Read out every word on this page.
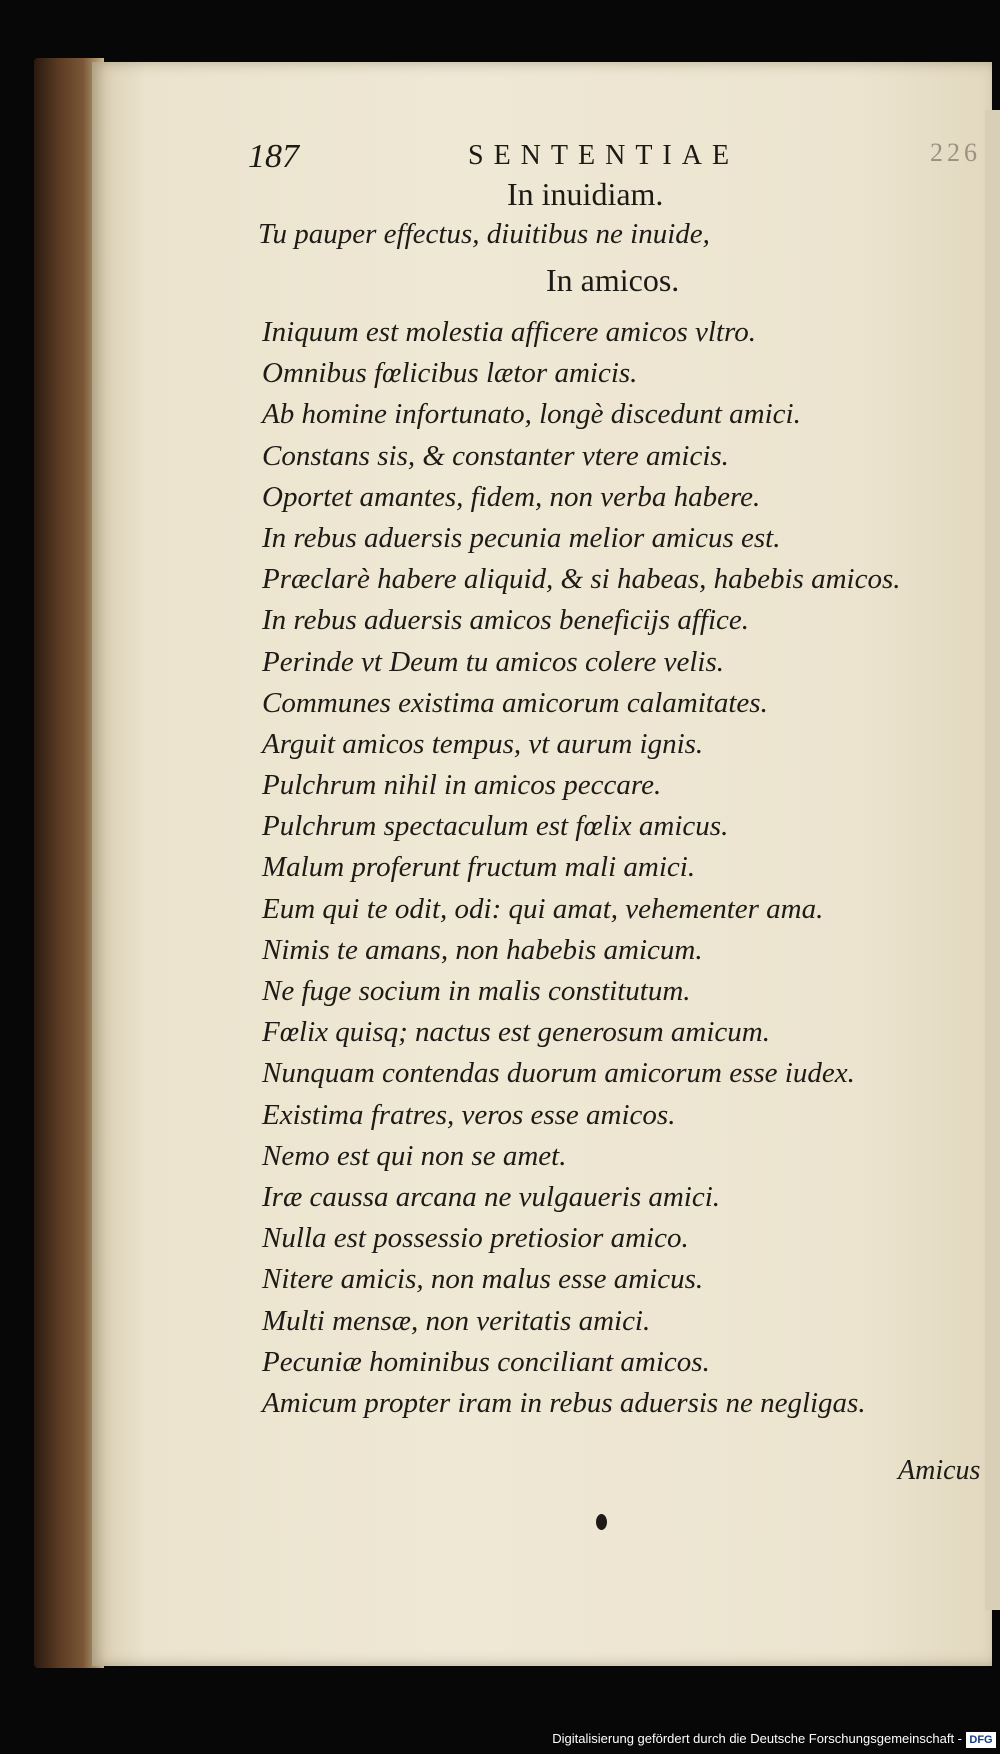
187	SENTENTIAE	226
In inuidiam.
Tu pauper effectus, diuitibus ne inuide,
In amicos.
Iniquum est molestia afficere amicos vltro.
Omnibus fœlicibus lætor amicis.
Ab homine infortunato, longè discedunt amici.
Constans sis, & constanter vtere amicis.
Oportet amantes, fidem, non verba habere.
In rebus aduersis pecunia melior amicus est.
Præclarè habere aliquid, & si habeas, habebis amicos.
In rebus aduersis amicos beneficijs affice.
Perinde vt Deum tu amicos colere velis.
Communes existima amicorum calamitates.
Arguit amicos tempus, vt aurum ignis.
Pulchrum nihil in amicos peccare.
Pulchrum spectaculum est fœlix amicus.
Malum proferunt fructum mali amici.
Eum qui te odit, odi: qui amat, vehementer ama.
Nimis te amans, non habebis amicum.
Ne fuge socium in malis constitutum.
Fœlix quisq; nactus est generosum amicum.
Nunquam contendas duorum amicorum esse iudex.
Existima fratres, veros esse amicos.
Nemo est qui non se amet.
Iræ caussa arcana ne vulgaueris amici.
Nulla est possessio pretiosior amico.
Nitere amicis, non malus esse amicus.
Multi mensæ, non veritatis amici.
Pecuniæ hominibus conciliant amicos.
Amicum propter iram in rebus aduersis ne negligas.
Amicus
Digitalisierung gefördert durch die Deutsche Forschungsgemeinschaft - DFG
